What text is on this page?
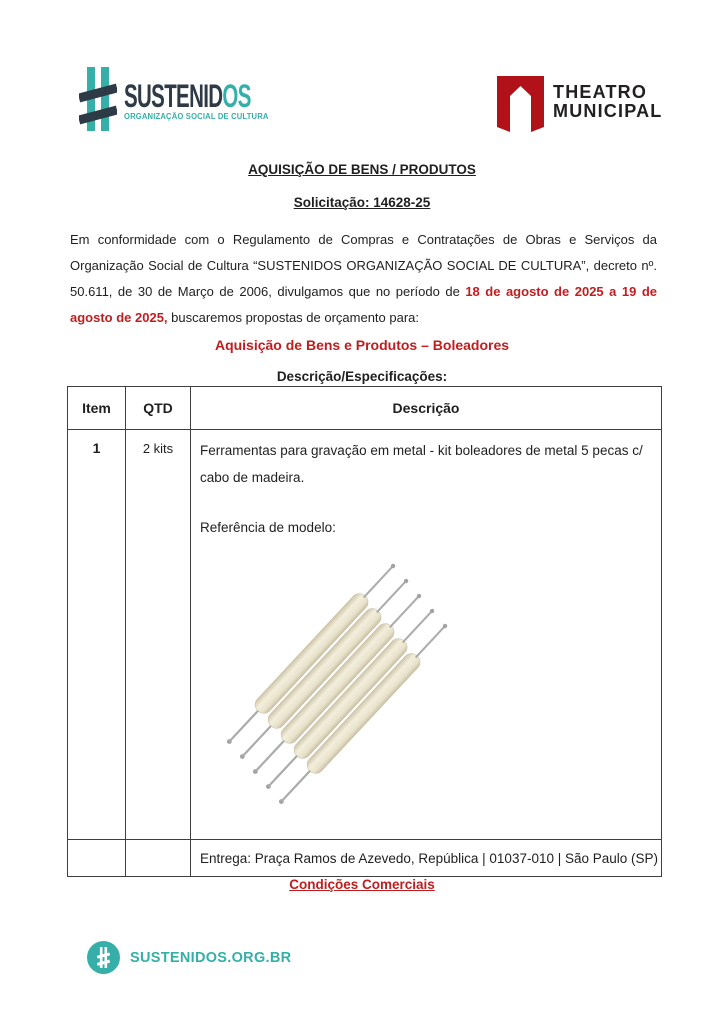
SUSTENIDOS
ORGANIZAÇÃO SOCIAL DE CULTURA
THEATRO
MUNICIPAL
AQUISIÇÃO DE BENS / PRODUTOS
Solicitação: 14628-25
Em conformidade com o Regulamento de Compras e Contratações de Obras e Serviços da Organização Social de Cultura “SUSTENIDOS ORGANIZAÇÃO SOCIAL DE CULTURA”, decreto nº. 50.611, de 30 de Março de 2006, divulgamos que no período de 18 de agosto de 2025 a 19 de agosto de 2025, buscaremos propostas de orçamento para:
Aquisição de Bens e Produtos – Boleadores
Descrição/Especificações:
Item	QTD	Descrição
1	2 kits	Ferramentas para gravação em metal - kit boleadores de metal 5 pecas c/ cabo de madeira.
Referência de modelo:

		Entrega: Praça Ramos de Azevedo, República | 01037-010 | São Paulo (SP)
Condições Comerciais
SUSTENIDOS.ORG.BR
